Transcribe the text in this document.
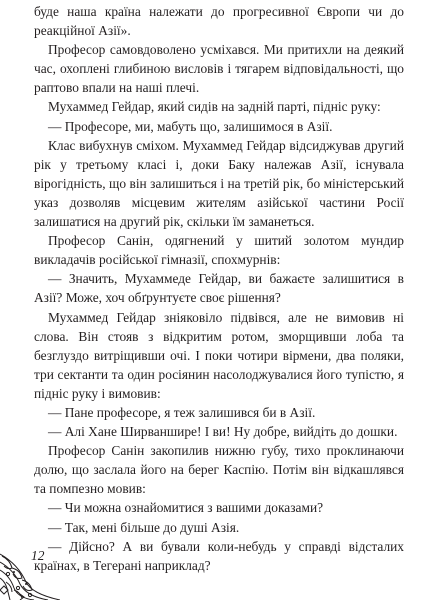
буде наша країна належати до прогресивної Європи чи до реакційної Азії».

Професор самовдоволено усміхався. Ми притихли на деякий час, охоплені глибиною висловів і тягарем відповідальності, що раптово впали на наші плечі.

Мухаммед Гейдар, який сидів на задній парті, підніс руку:

— Професоре, ми, мабуть що, залишимося в Азії.

Клас вибухнув сміхом. Мухаммед Гейдар відсиджував другий рік у третьому класі і, доки Баку належав Азії, існувала вірогідність, що він залишиться і на третій рік, бо міністерський указ дозволяв місцевим жителям азійської частини Росії залишатися на другий рік, скільки їм заманеться.

Професор Санін, одягнений у шитий золотом мундир викладачів російської гімназії, спохмурнів:

— Значить, Мухаммеде Гейдар, ви бажаєте залишитися в Азії? Може, хоч обґрунтуєте своє рішення?

Мухаммед Гейдар зніяковіло підвівся, але не вимовив ні слова. Він стояв з відкритим ротом, зморщивши лоба та безглуздо витріщивши очі. І поки чотири вірмени, два поляки, три сектанти та один росіянин насолоджувалися його тупістю, я підніс руку і вимовив:

— Пане професоре, я теж залишився би в Азії.

— Алі Хане Ширваншире! І ви! Ну добре, вийдіть до дошки.

Професор Санін закопилив нижню губу, тихо проклинаючи долю, що заслала його на берег Каспію. Потім він відкашлявся та помпезно мовив:

— Чи можна ознайомитися з вашими доказами?

— Так, мені більше до душі Азія.

— Дійсно? А ви бували коли-небудь у справді відсталих країнах, в Тегерані наприклад?

12
